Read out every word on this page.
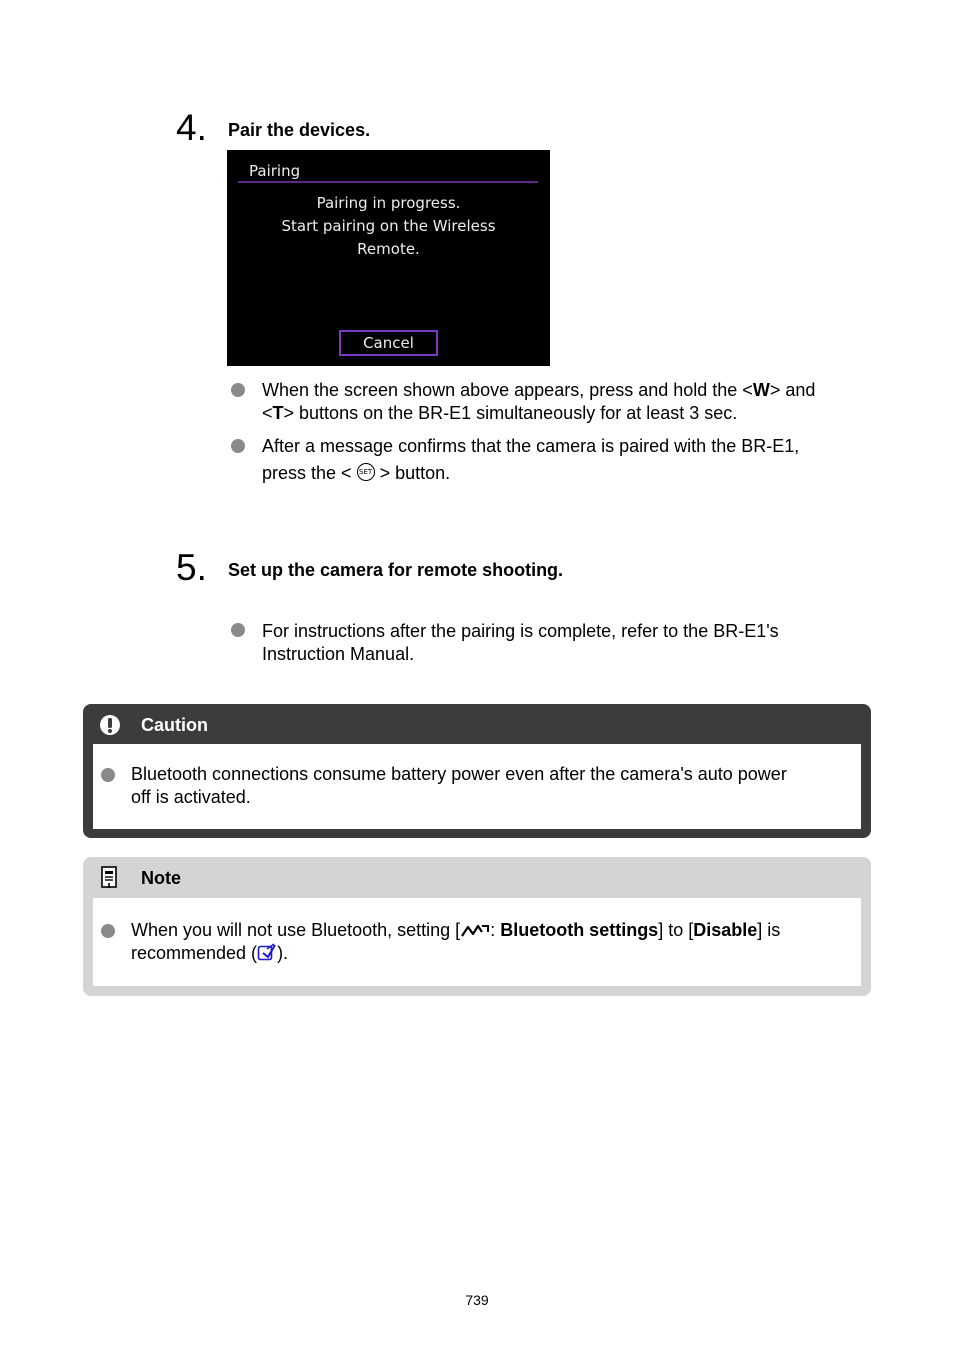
4. Pair the devices.
Pairing
Pairing in progress.
Start pairing on the Wireless
Remote.
Cancel
When the screen shown above appears, press and hold the <W> and
<T> buttons on the BR-E1 simultaneously for at least 3 sec.
After a message confirms that the camera is paired with the BR-E1,
press the < SET > button.
5. Set up the camera for remote shooting.
For instructions after the pairing is complete, refer to the BR-E1's
Instruction Manual.
Caution
Bluetooth connections consume battery power even after the camera's auto power
off is activated.
Note
When you will not use Bluetooth, setting [ : Bluetooth settings] to [Disable] is
recommended ( ).
739
